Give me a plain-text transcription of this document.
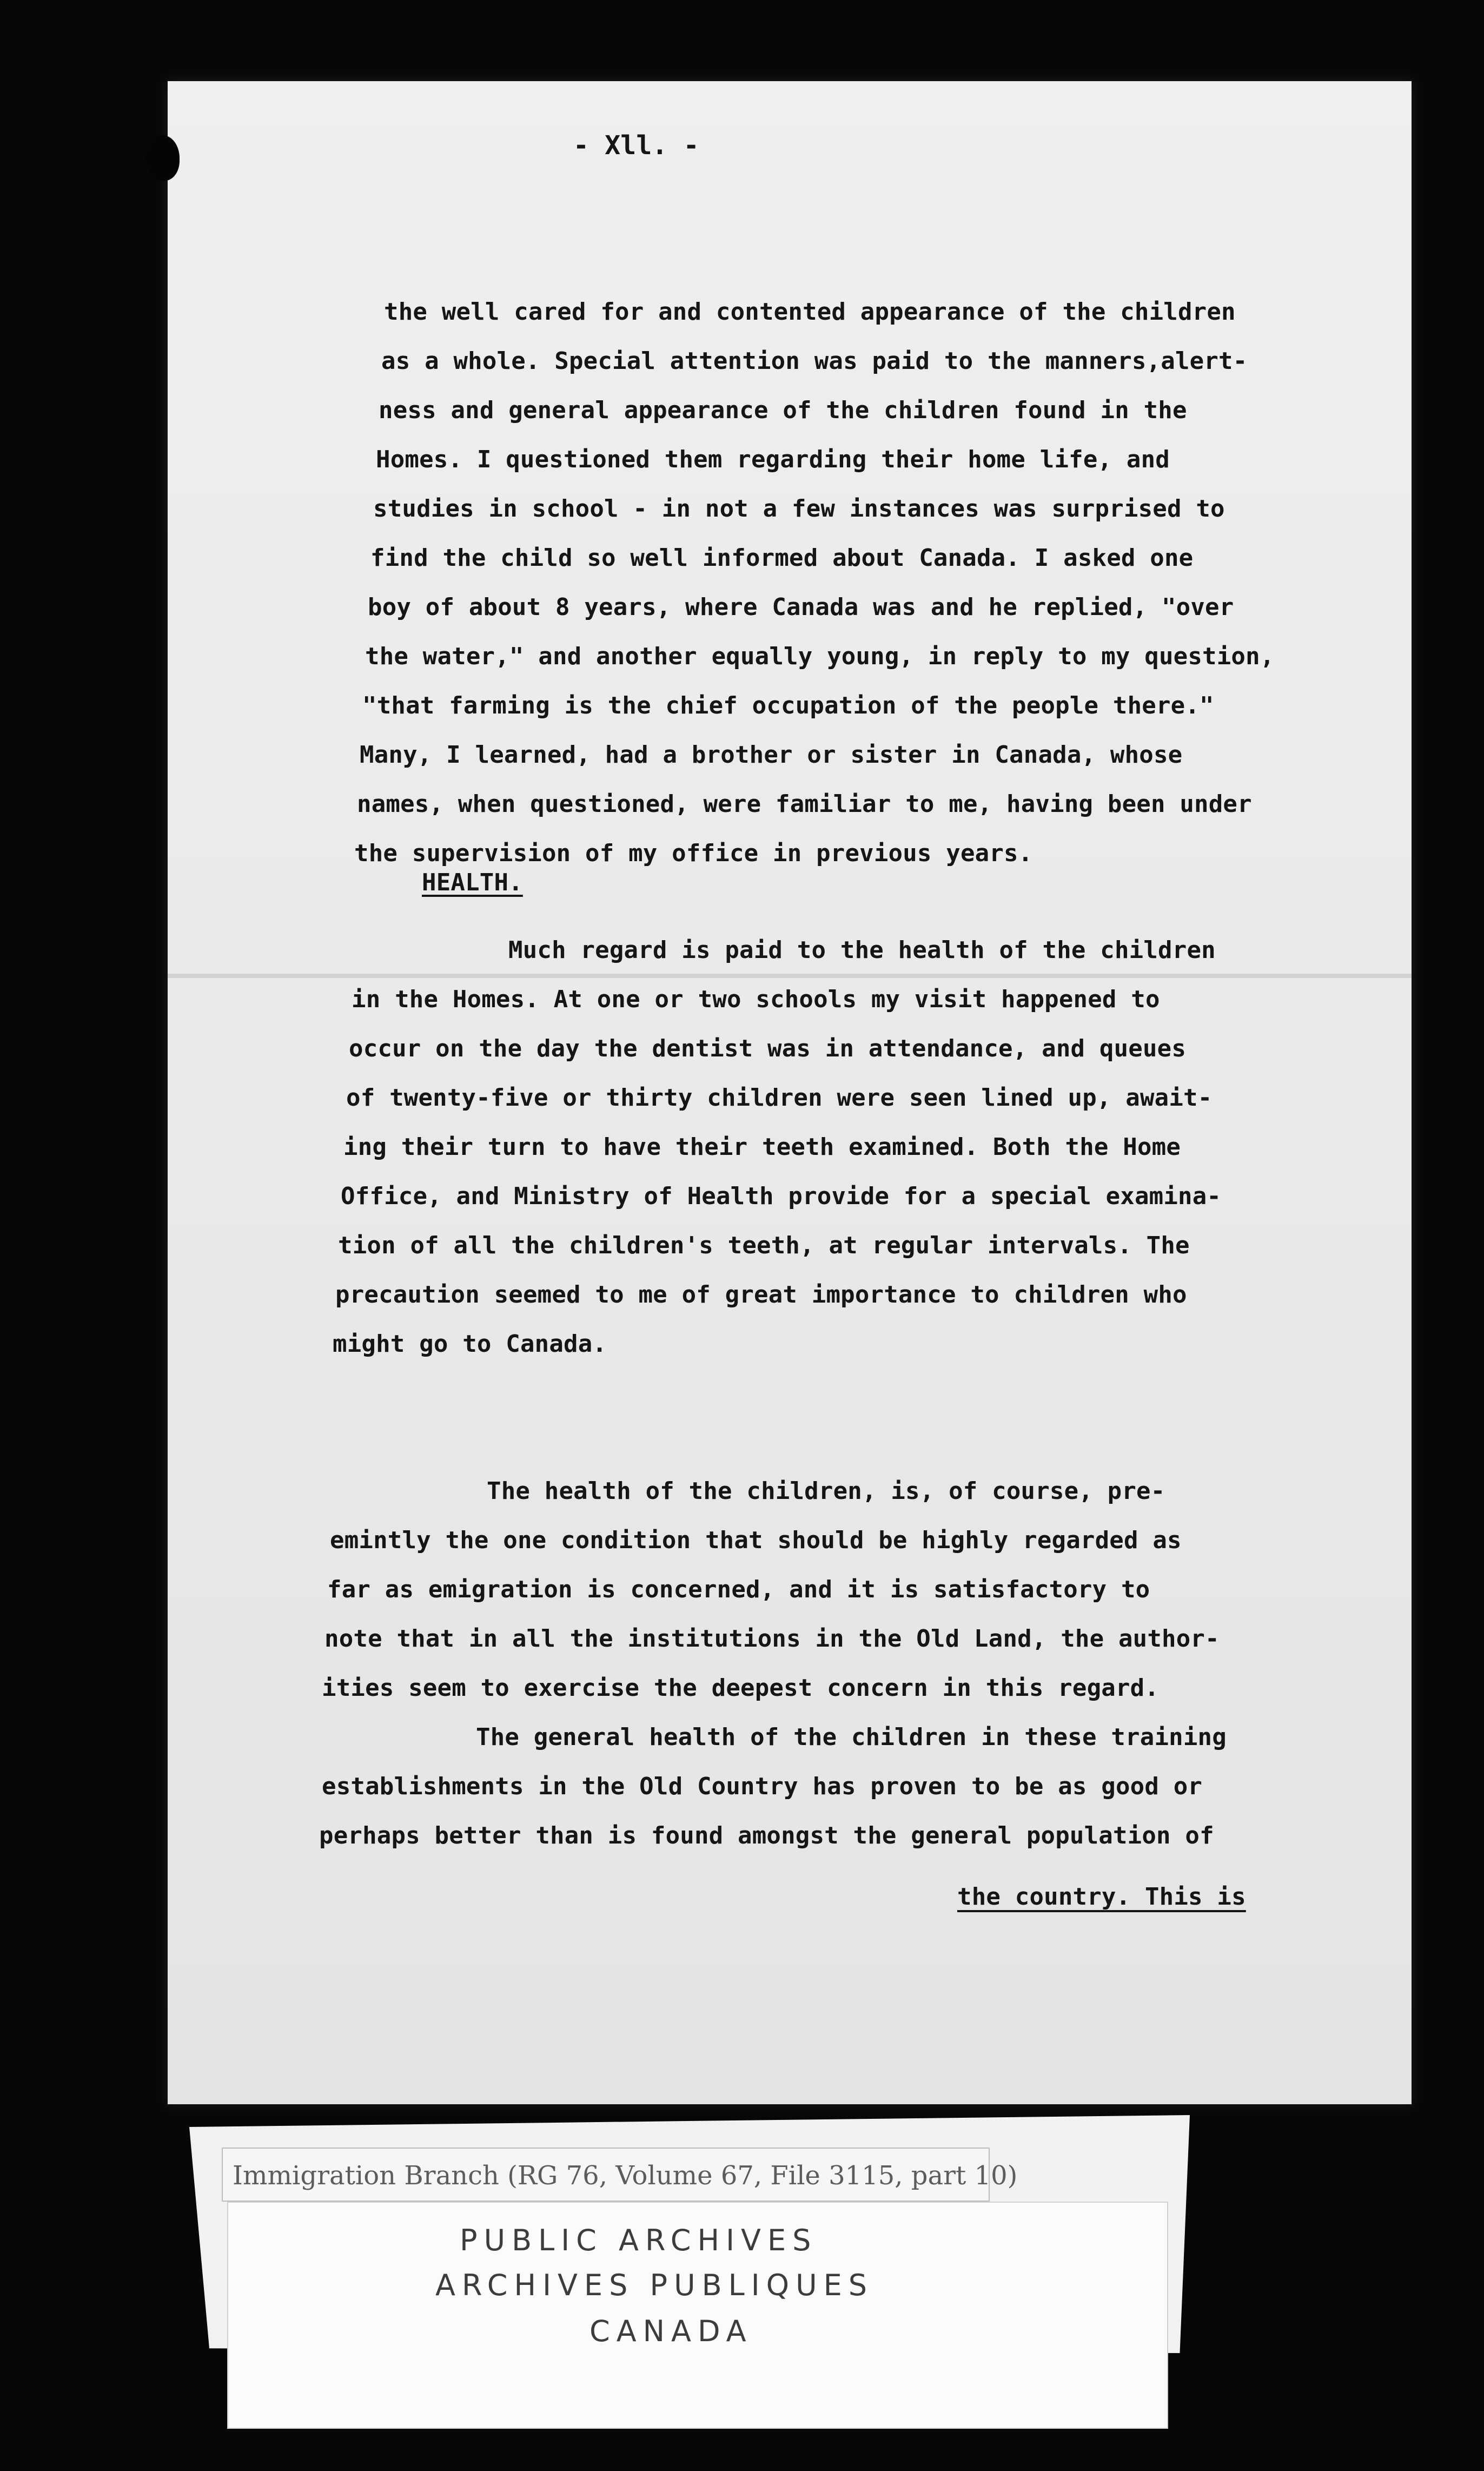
- Xll. -
the well cared for and contented appearance of the children
as a whole. Special attention was paid to the manners,alert-
ness and general appearance of the children found in the
Homes. I questioned them regarding their home life, and
studies in school - in not a few instances was surprised to
find the child so well informed about Canada. I asked one
boy of about 8 years, where Canada was and he replied, "over
the water," and another equally young, in reply to my question,
"that farming is the chief occupation of the people there."
Many, I learned, had a brother or sister in Canada, whose
names, when questioned, were familiar to me, having been under
the supervision of my office in previous years.
HEALTH.
Much regard is paid to the health of the children
in the Homes. At one or two schools my visit happened to
occur on the day the dentist was in attendance, and queues
of twenty-five or thirty children were seen lined up, await-
ing their turn to have their teeth examined. Both the Home
Office, and Ministry of Health provide for a special examina-
tion of all the children's teeth, at regular intervals. The
precaution seemed to me of great importance to children who
might go to Canada.
The health of the children, is, of course, pre-
emintly the one condition that should be highly regarded as
far as emigration is concerned, and it is satisfactory to
note that in all the institutions in the Old Land, the author-
ities seem to exercise the deepest concern in this regard.
The general health of the children in these training
establishments in the Old Country has proven to be as good or
perhaps better than is found amongst the general population of
the country. This is
Immigration Branch (RG 76, Volume 67, File 3115, part 10)
PUBLIC ARCHIVES
ARCHIVES PUBLIQUES
CANADA
